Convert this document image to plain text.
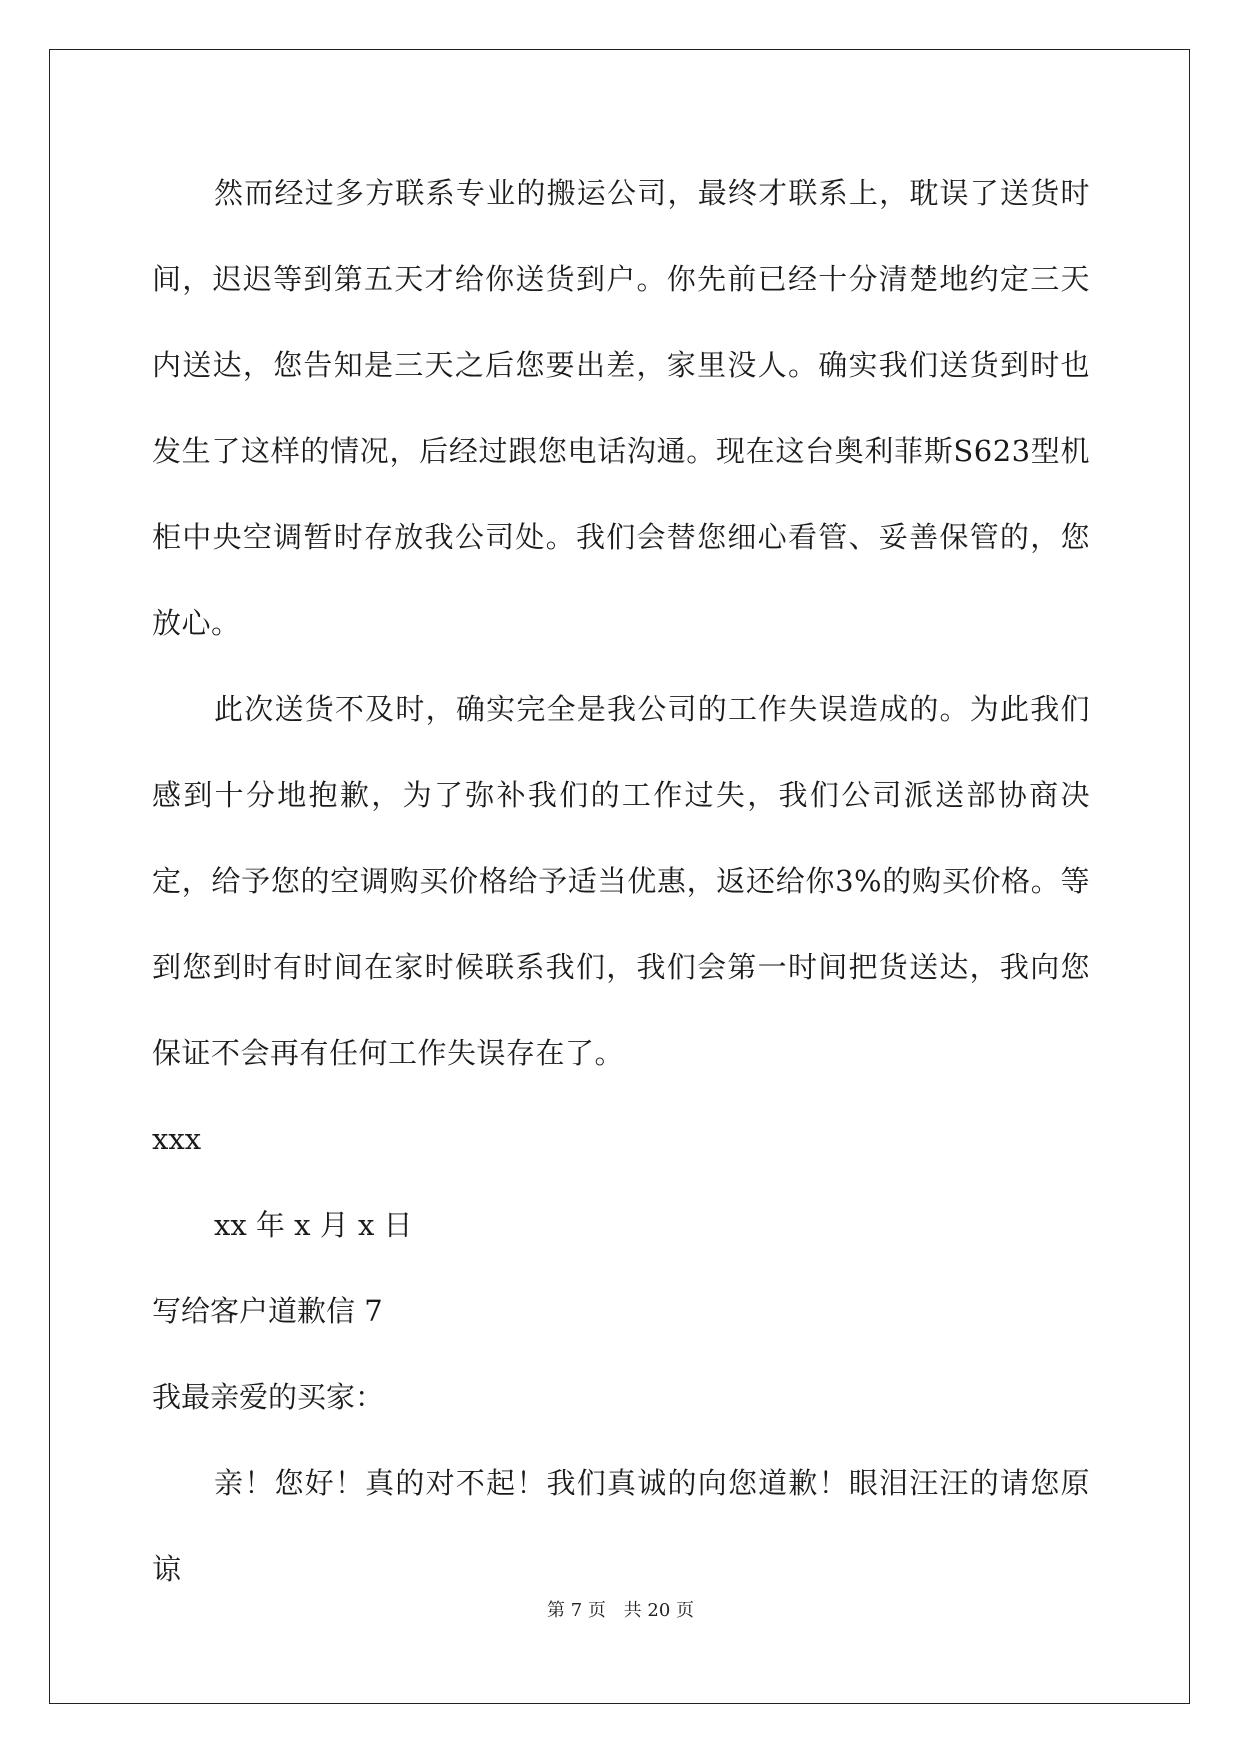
然而经过多方联系专业的搬运公司，最终才联系上，耽误了送货时间，迟迟等到第五天才给你送货到户。你先前已经十分清楚地约定三天内送达，您告知是三天之后您要出差，家里没人。确实我们送货到时也发生了这样的情况，后经过跟您电话沟通。现在这台奥利菲斯S623型机柜中央空调暂时存放我公司处。我们会替您细心看管、妥善保管的，您放心。

此次送货不及时，确实完全是我公司的工作失误造成的。为此我们感到十分地抱歉，为了弥补我们的工作过失，我们公司派送部协商决定，给予您的空调购买价格给予适当优惠，返还给你3%的购买价格。等到您到时有时间在家时候联系我们，我们会第一时间把货送达，我向您保证不会再有任何工作失误存在了。

xxx

xx 年 x 月 x 日

写给客户道歉信 7

我最亲爱的买家：

亲！您好！真的对不起！我们真诚的向您道歉！眼泪汪汪的请您原谅

第 7 页 共 20 页
